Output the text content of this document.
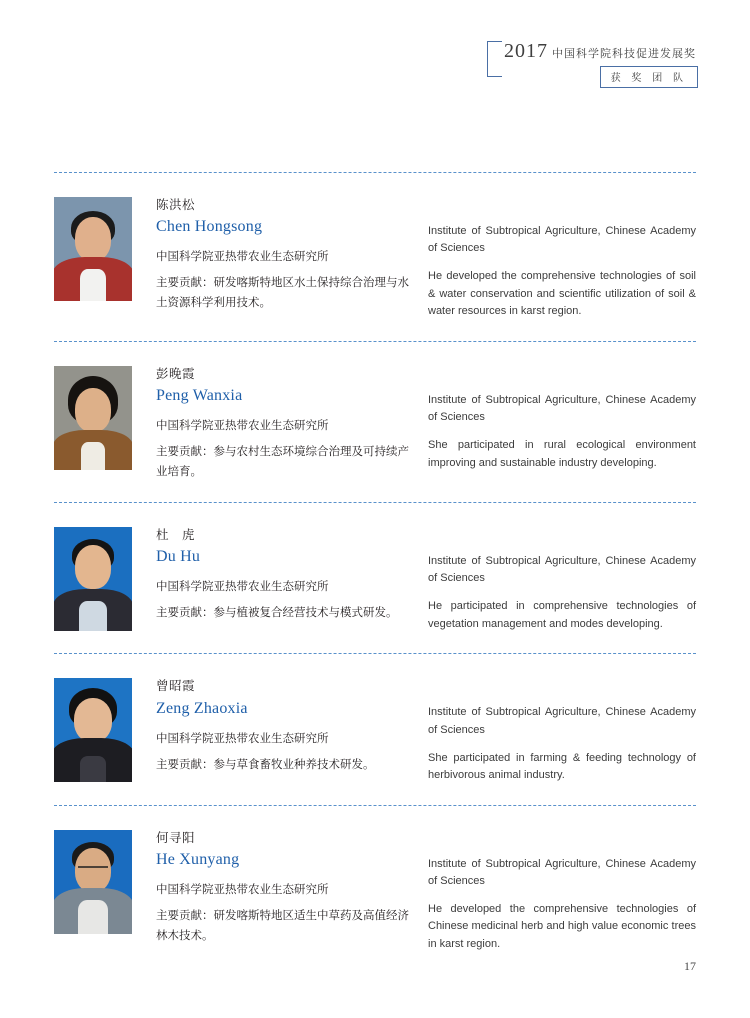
2017 中国科学院科技促进发展奖
获 奖 团 队
陈洪松
Chen Hongsong
中国科学院亚热带农业生态研究所
主要贡献：研发喀斯特地区水土保持综合治理与水土资源科学利用技术。
Institute of Subtropical Agriculture, Chinese Academy of Sciences
He developed the comprehensive technologies of soil & water conservation and scientific utilization of soil & water resources in karst region.
彭晚霞
Peng Wanxia
中国科学院亚热带农业生态研究所
主要贡献：参与农村生态环境综合治理及可持续产业培育。
Institute of Subtropical Agriculture, Chinese Academy of Sciences
She participated in rural ecological environment improving and sustainable industry developing.
杜　虎
Du Hu
中国科学院亚热带农业生态研究所
主要贡献：参与植被复合经营技术与模式研发。
Institute of Subtropical Agriculture, Chinese Academy of Sciences
He participated in comprehensive technologies of vegetation management and modes developing.
曾昭霞
Zeng Zhaoxia
中国科学院亚热带农业生态研究所
主要贡献：参与草食畜牧业种养技术研发。
Institute of Subtropical Agriculture, Chinese Academy of Sciences
She participated in farming & feeding technology of herbivorous animal industry.
何寻阳
He Xunyang
中国科学院亚热带农业生态研究所
主要贡献：研发喀斯特地区适生中草药及高值经济林木技术。
Institute of Subtropical Agriculture, Chinese Academy of Sciences
He developed the comprehensive technologies of Chinese medicinal herb and high value economic trees in karst region.
17
